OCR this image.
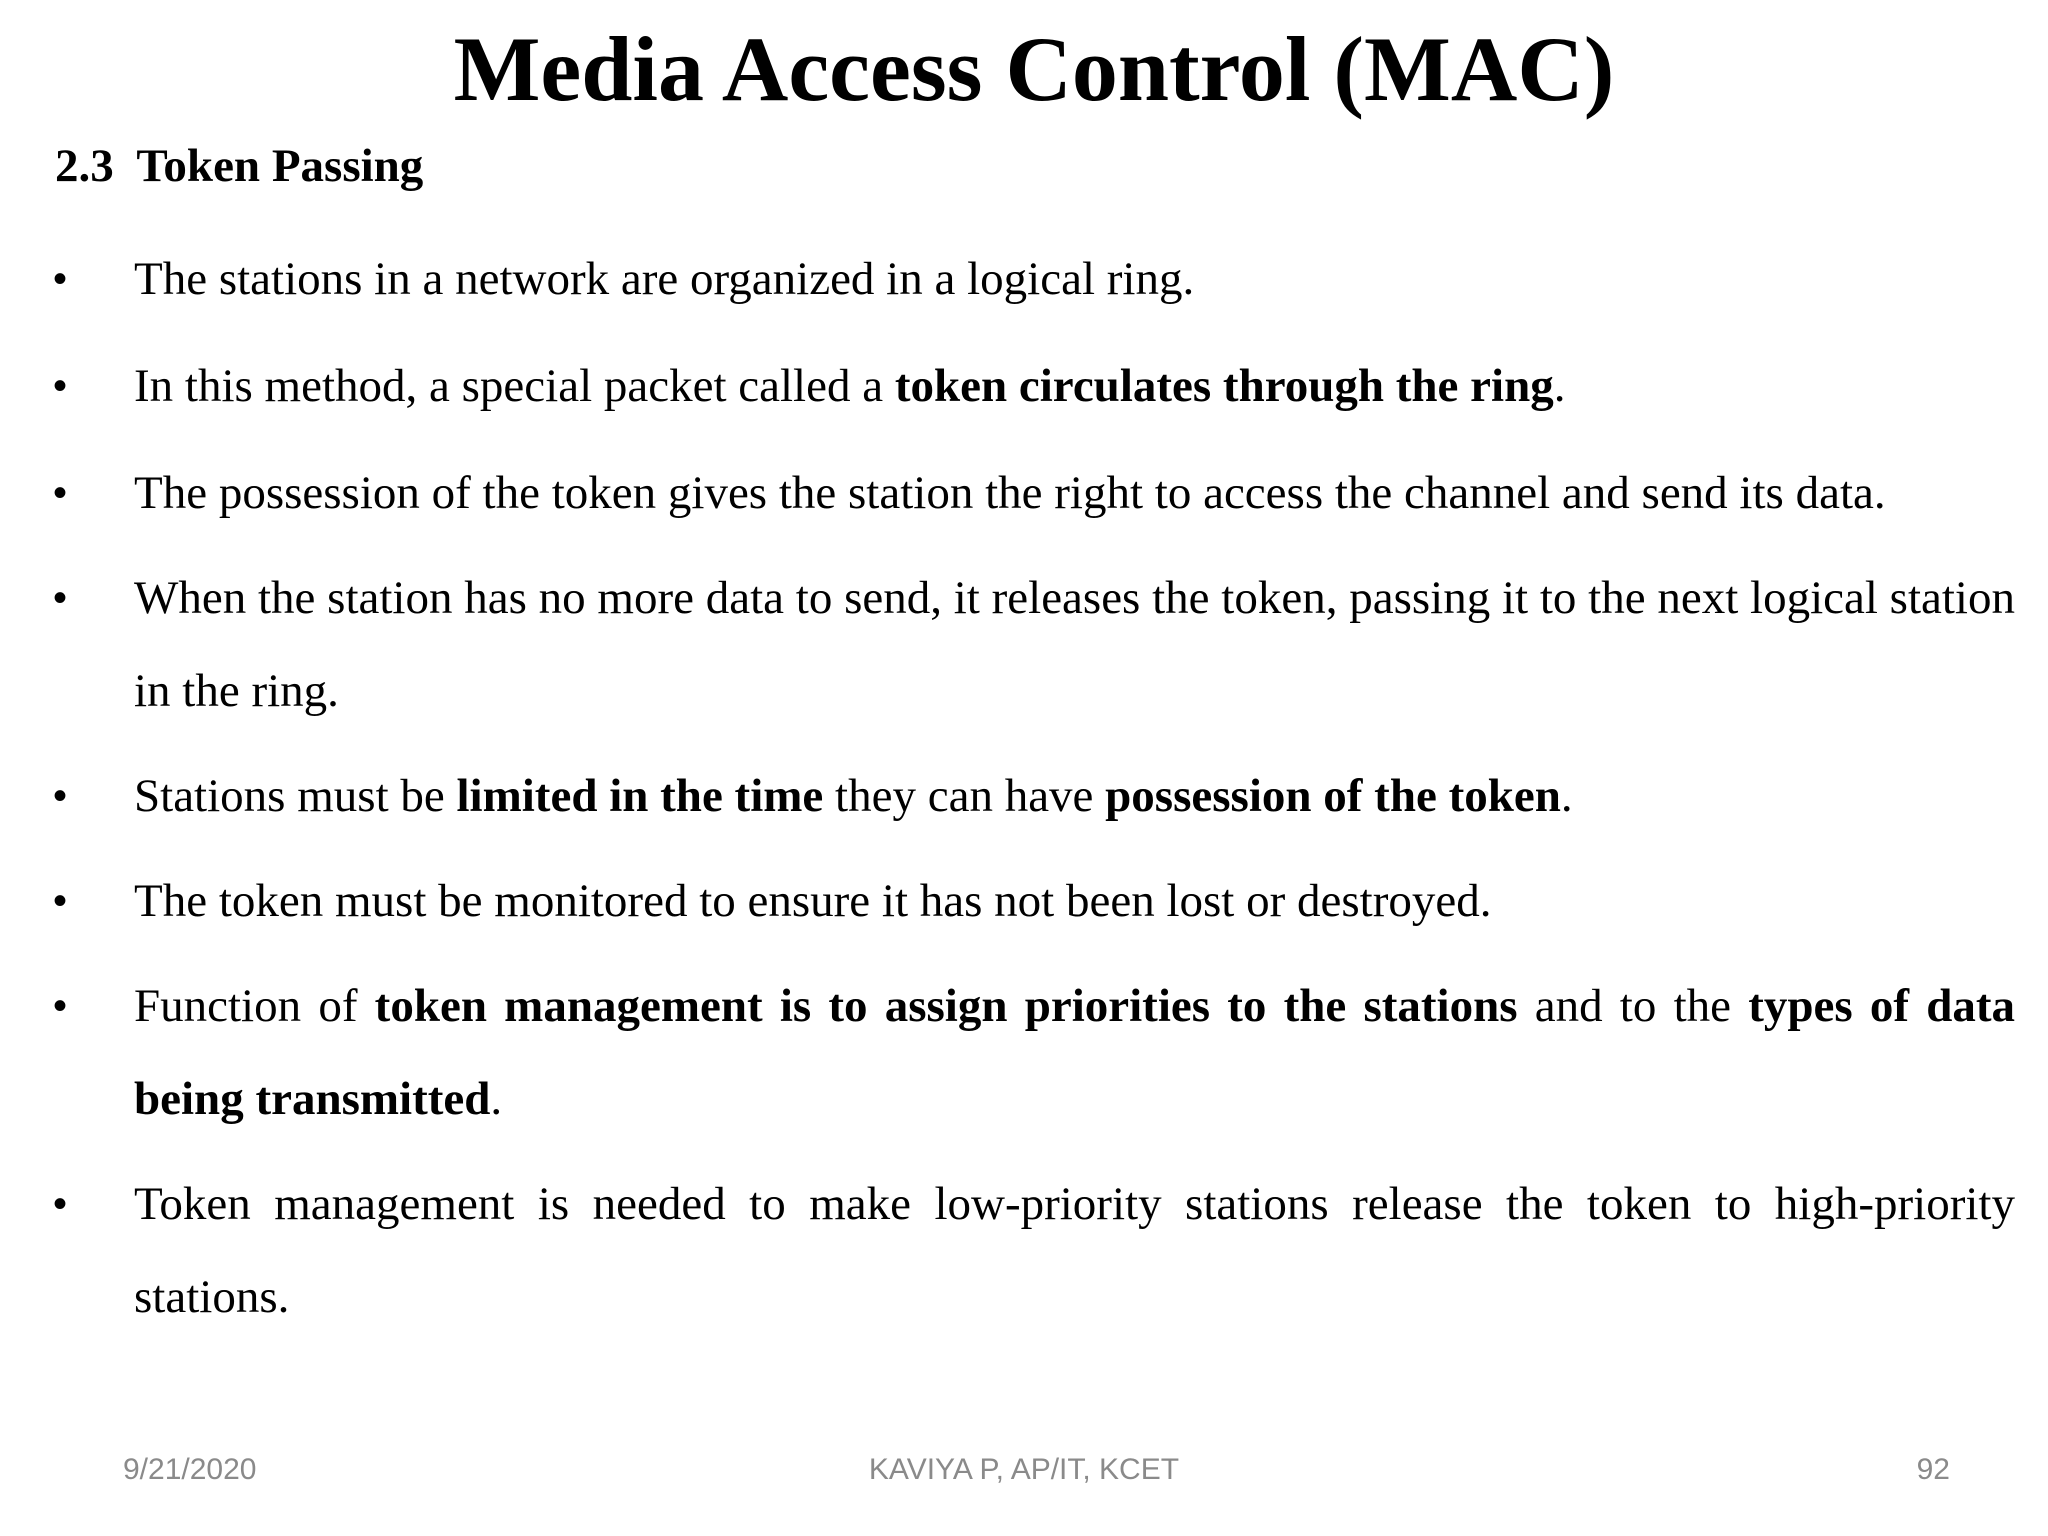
Media Access Control (MAC)
2.3  Token Passing
• The stations in a network are organized in a logical ring.
• In this method, a special packet called a token circulates through the ring.
• The possession of the token gives the station the right to access the channel and send its data.
• When the station has no more data to send, it releases the token, passing it to the next logical station in the ring.
• Stations must be limited in the time they can have possession of the token.
• The token must be monitored to ensure it has not been lost or destroyed.
• Function of token management is to assign priorities to the stations and to the types of data being transmitted.
• Token management is needed to make low-priority stations release the token to high-priority stations.
9/21/2020	KAVIYA P, AP/IT, KCET	92
